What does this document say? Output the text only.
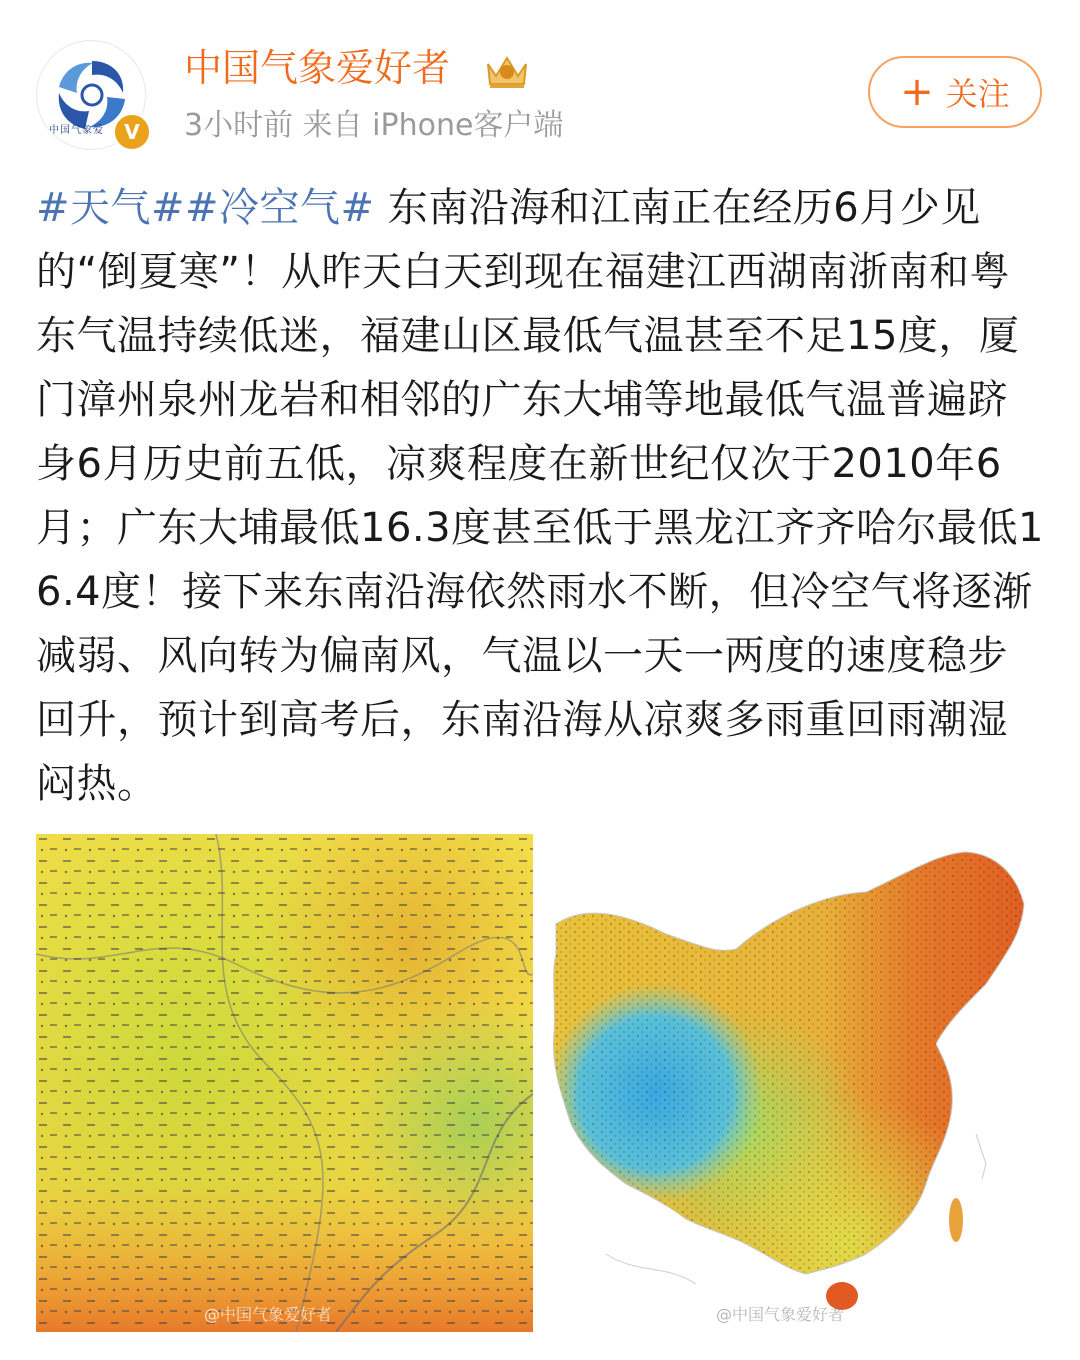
中国气象爱	V
中国气象爱好者
3小时前 来自 iPhone客户端
+ 关注
#天气##冷空气# 东南沿海和江南正在经历6月少见的“倒夏寒”！从昨天白天到现在福建江西湖南浙南和粤东气温持续低迷，福建山区最低气温甚至不足15度，厦门漳州泉州龙岩和相邻的广东大埔等地最低气温普遍跻身6月历史前五低，凉爽程度在新世纪仅次于2010年6月；广东大埔最低16.3度甚至低于黑龙江齐齐哈尔最低16.4度！接下来东南沿海依然雨水不断，但冷空气将逐渐减弱、风向转为偏南风，气温以一天一两度的速度稳步回升，预计到高考后，东南沿海从凉爽多雨重回雨潮湿闷热。
@中国气象爱好者	@中国气象爱好者
